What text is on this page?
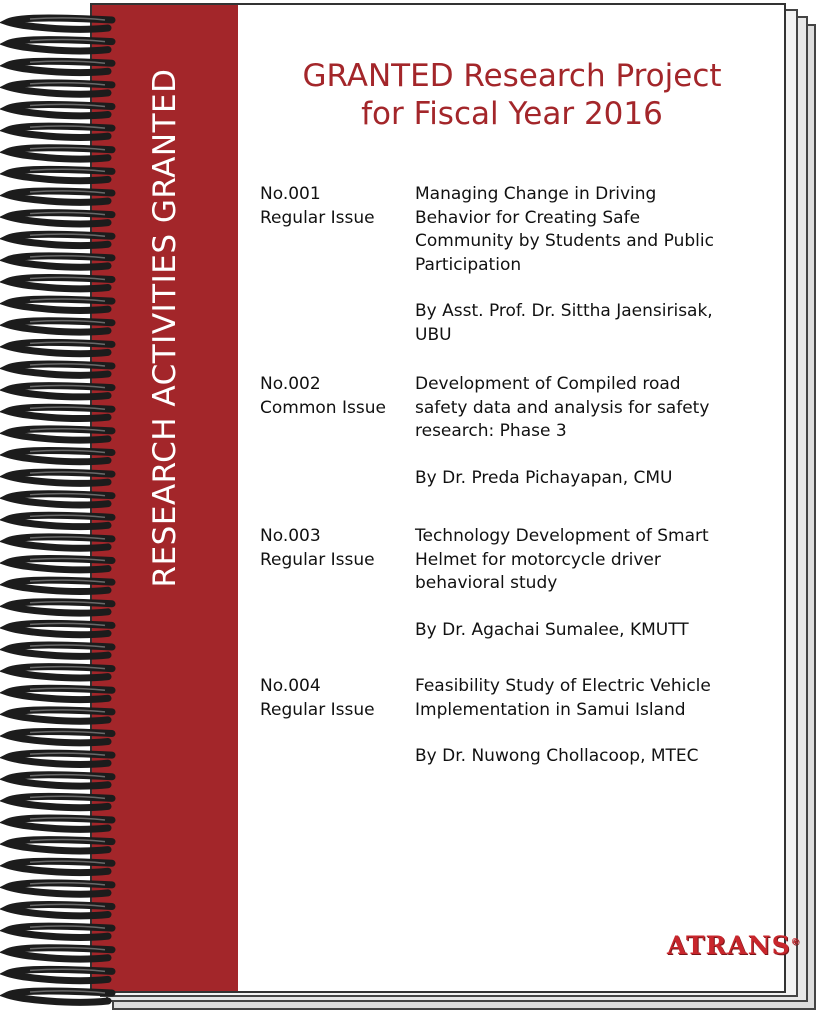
RESEARCH ACTIVITIES GRANTED	GRANTED Research Project
for Fiscal Year 2016
No.001
Regular Issue
Managing Change in Driving
Behavior for Creating Safe
Community by Students and Public
Participation
By Asst. Prof. Dr. Sittha Jaensirisak,
UBU
No.002
Common Issue
Development of Compiled road
safety data and analysis for safety
research: Phase 3
By Dr. Preda Pichayapan, CMU
No.003
Regular Issue
Technology Development of Smart
Helmet for motorcycle driver
behavioral study
By Dr. Agachai Sumalee, KMUTT
No.004
Regular Issue
Feasibility Study of Electric Vehicle
Implementation in Samui Island
By Dr. Nuwong Chollacoop, MTEC
ATRANS®
